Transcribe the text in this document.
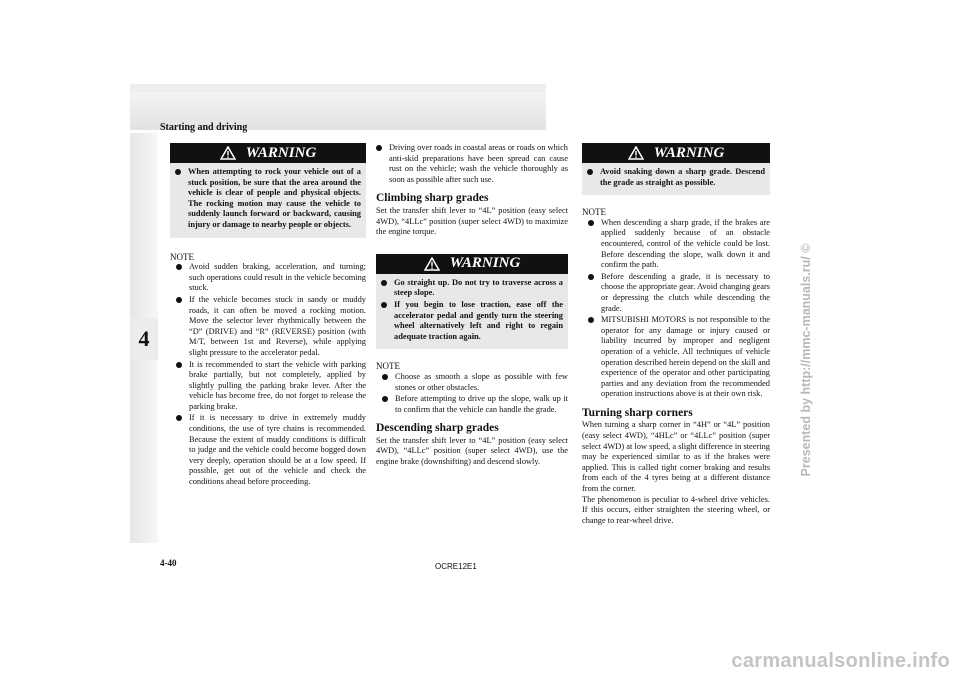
Starting and driving
4
WARNING
When attempting to rock your vehicle out of a stuck position, be sure that the area around the vehicle is clear of people and physical objects. The rocking motion may cause the vehicle to suddenly launch forward or backward, causing injury or damage to nearby people or objects.
NOTE
Avoid sudden braking, acceleration, and turning; such operations could result in the vehicle becoming stuck.
If the vehicle becomes stuck in sandy or muddy roads, it can often be moved a rocking motion. Move the selector lever rhythmically between the “D” (DRIVE) and “R” (REVERSE) position (with M/T, between 1st and Reverse), while applying slight pressure to the accelerator pedal.
It is recommended to start the vehicle with parking brake partially, but not completely, applied by slightly pulling the parking brake lever. After the vehicle has become free, do not forget to release the parking brake.
If it is necessary to drive in extremely muddy conditions, the use of tyre chains is recommended. Because the extent of muddy conditions is difficult to judge and the vehicle could become bogged down very deeply, operation should be at a low speed. If possible, get out of the vehicle and check the conditions ahead before proceeding.
Driving over roads in coastal areas or roads on which anti-skid preparations have been spread can cause rust on the vehicle; wash the vehicle thoroughly as soon as possible after such use.
Climbing sharp grades

Set the transfer shift lever to “4L” position (easy select 4WD), “4LLc” position (super select 4WD) to maximize the engine torque.

WARNING
Go straight up. Do not try to traverse across a steep slope.
If you begin to lose traction, ease off the accelerator pedal and gently turn the steering wheel alternatively left and right to regain adequate traction again.
NOTE
Choose as smooth a slope as possible with few stones or other obstacles.
Before attempting to drive up the slope, walk up it to confirm that the vehicle can handle the grade.
Descending sharp grades

Set the transfer shift lever to “4L” position (easy select 4WD), “4LLc” position (super select 4WD), use the engine brake (downshifting) and descend slowly.

WARNING
Avoid snaking down a sharp grade. Descend the grade as straight as possible.
NOTE
When descending a sharp grade, if the brakes are applied suddenly because of an obstacle encountered, control of the vehicle could be lost. Before descending the slope, walk down it and confirm the path.
Before descending a grade, it is necessary to choose the appropriate gear. Avoid changing gears or depressing the clutch while descending the grade.
MITSUBISHI MOTORS is not responsible to the operator for any damage or injury caused or liability incurred by improper and negligent operation of a vehicle. All techniques of vehicle operation described herein depend on the skill and experience of the operator and other participating parties and any deviation from the recommended operation instructions above is at their own risk.
Turning sharp corners

When turning a sharp corner in “4H” or “4L” position (easy select 4WD), “4HLc” or “4LLc” position (super select 4WD) at low speed, a slight difference in steering may be experienced similar to as if the brakes were applied. This is called tight corner braking and results from each of the 4 tyres being at a different distance from the corner.

The phenomenon is peculiar to 4-wheel drive vehicles. If this occurs, either straighten the steering wheel, or change to rear-wheel drive.

4-40	OCRE12E1
Presented by http://mmc-manuals.ru/ ©
carmanualsonline.info
